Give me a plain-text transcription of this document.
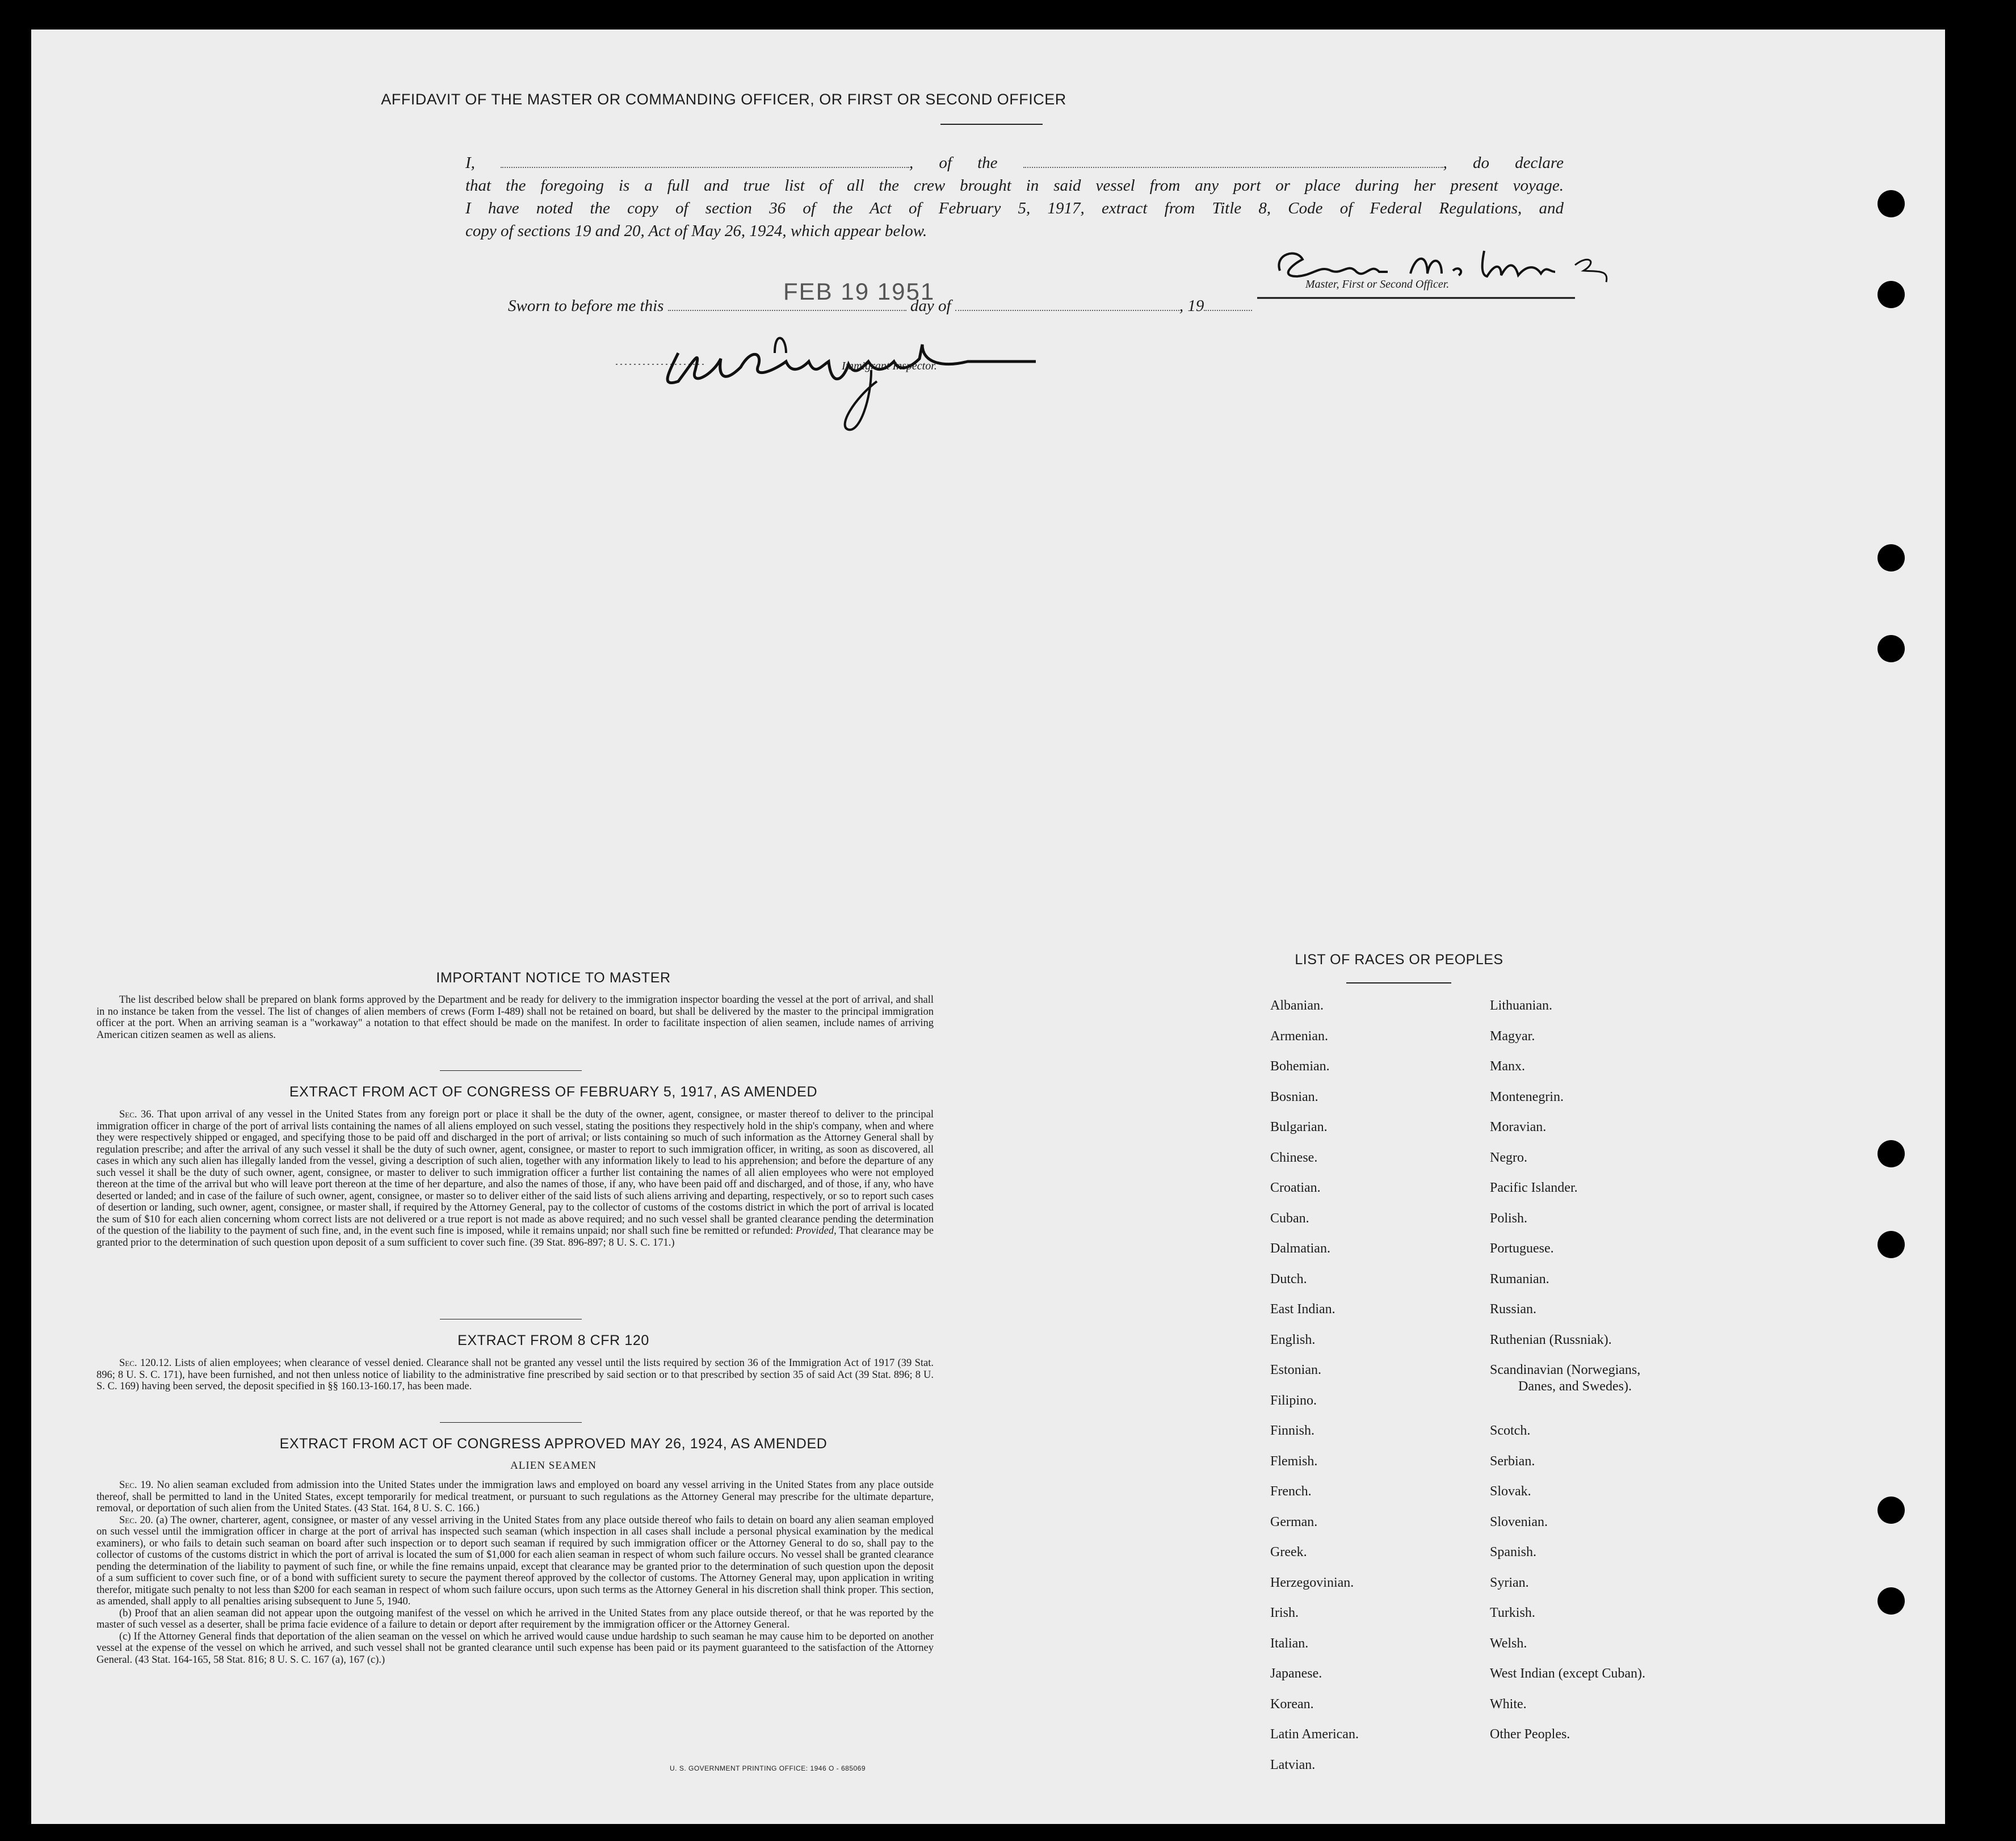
AFFIDAVIT OF THE MASTER OR COMMANDING OFFICER, OR FIRST OR SECOND OFFICER
I,	, of the	, do declare
that the foregoing is a full and true list of all the crew brought in said vessel from any port or place during her present voyage.
I have noted the copy of section 36 of the Act of February 5, 1917, extract from Title 8, Code of Federal Regulations, and
copy of sections 19 and 20, Act of May 26, 1924, which appear below.
Master, First or Second Officer.
FEB 19 1951
Sworn to before me this	day of	, 19
Immigrant Inspector.
IMPORTANT NOTICE TO MASTER

The list described below shall be prepared on blank forms approved by the Department and be ready for delivery to the immigration inspector boarding the vessel at the port of arrival, and shall in no instance be taken from the vessel. The list of changes of alien members of crews (Form I-489) shall not be retained on board, but shall be delivered by the master to the principal immigration officer at the port. When an arriving seaman is a "workaway" a notation to that effect should be made on the manifest. In order to facilitate inspection of alien seamen, include names of arriving American citizen seamen as well as aliens.

EXTRACT FROM ACT OF CONGRESS OF FEBRUARY 5, 1917, AS AMENDED

Sec. 36. That upon arrival of any vessel in the United States from any foreign port or place it shall be the duty of the owner, agent, consignee, or master thereof to deliver to the principal immigration officer in charge of the port of arrival lists containing the names of all aliens employed on such vessel, stating the positions they respectively hold in the ship's company, when and where they were respectively shipped or engaged, and specifying those to be paid off and discharged in the port of arrival; or lists containing so much of such information as the Attorney General shall by regulation prescribe; and after the arrival of any such vessel it shall be the duty of such owner, agent, consignee, or master to report to such immigration officer, in writing, as soon as discovered, all cases in which any such alien has illegally landed from the vessel, giving a description of such alien, together with any information likely to lead to his apprehension; and before the departure of any such vessel it shall be the duty of such owner, agent, consignee, or master to deliver to such immigration officer a further list containing the names of all alien employees who were not employed thereon at the time of the arrival but who will leave port thereon at the time of her departure, and also the names of those, if any, who have been paid off and discharged, and of those, if any, who have deserted or landed; and in case of the failure of such owner, agent, consignee, or master so to deliver either of the said lists of such aliens arriving and departing, respectively, or so to report such cases of desertion or landing, such owner, agent, consignee, or master shall, if required by the Attorney General, pay to the collector of customs of the costoms district in which the port of arrival is located the sum of $10 for each alien concerning whom correct lists are not delivered or a true report is not made as above required; and no such vessel shall be granted clearance pending the determination of the question of the liability to the payment of such fine, and, in the event such fine is imposed, while it remains unpaid; nor shall such fine be remitted or refunded: Provided, That clearance may be granted prior to the determination of such question upon deposit of a sum sufficient to cover such fine. (39 Stat. 896-897; 8 U. S. C. 171.)

EXTRACT FROM 8 CFR 120

Sec. 120.12. Lists of alien employees; when clearance of vessel denied. Clearance shall not be granted any vessel until the lists required by section 36 of the Immigration Act of 1917 (39 Stat. 896; 8 U. S. C. 171), have been furnished, and not then unless notice of liability to the administrative fine prescribed by said section or to that prescribed by section 35 of said Act (39 Stat. 896; 8 U. S. C. 169) having been served, the deposit specified in §§ 160.13-160.17, has been made.

EXTRACT FROM ACT OF CONGRESS APPROVED MAY 26, 1924, AS AMENDED
ALIEN SEAMEN

Sec. 19. No alien seaman excluded from admission into the United States under the immigration laws and employed on board any vessel arriving in the United States from any place outside thereof, shall be permitted to land in the United States, except temporarily for medical treatment, or pursuant to such regulations as the Attorney General may prescribe for the ultimate departure, removal, or deportation of such alien from the United States. (43 Stat. 164, 8 U. S. C. 166.)

Sec. 20. (a) The owner, charterer, agent, consignee, or master of any vessel arriving in the United States from any place outside thereof who fails to detain on board any alien seaman employed on such vessel until the immigration officer in charge at the port of arrival has inspected such seaman (which inspection in all cases shall include a personal physical examination by the medical examiners), or who fails to detain such seaman on board after such inspection or to deport such seaman if required by such immigration officer or the Attorney General to do so, shall pay to the collector of customs of the customs district in which the port of arrival is located the sum of $1,000 for each alien seaman in respect of whom such failure occurs. No vessel shall be granted clearance pending the determination of the liability to payment of such fine, or while the fine remains unpaid, except that clearance may be granted prior to the determination of such question upon the deposit of a sum sufficient to cover such fine, or of a bond with sufficient surety to secure the payment thereof approved by the collector of customs. The Attorney General may, upon application in writing therefor, mitigate such penalty to not less than $200 for each seaman in respect of whom such failure occurs, upon such terms as the Attorney General in his discretion shall think proper. This section, as amended, shall apply to all penalties arising subsequent to June 5, 1940.

(b) Proof that an alien seaman did not appear upon the outgoing manifest of the vessel on which he arrived in the United States from any place outside thereof, or that he was reported by the master of such vessel as a deserter, shall be prima facie evidence of a failure to detain or deport after requirement by the immigration officer or the Attorney General.

(c) If the Attorney General finds that deportation of the alien seaman on the vessel on which he arrived would cause undue hardship to such seaman he may cause him to be deported on another vessel at the expense of the vessel on which he arrived, and such vessel shall not be granted clearance until such expense has been paid or its payment guaranteed to the satisfaction of the Attorney General. (43 Stat. 164-165, 58 Stat. 816; 8 U. S. C. 167 (a), 167 (c).)

U. S. GOVERNMENT PRINTING OFFICE: 1946 O - 685069
LIST OF RACES OR PEOPLES
Albanian.
Armenian.
Bohemian.
Bosnian.
Bulgarian.
Chinese.
Croatian.
Cuban.
Dalmatian.
Dutch.
East Indian.
English.
Estonian.
Filipino.
Finnish.
Flemish.
French.
German.
Greek.
Herzegovinian.
Irish.
Italian.
Japanese.
Korean.
Latin American.
Latvian.
Lithuanian.
Magyar.
Manx.
Montenegrin.
Moravian.
Negro.
Pacific Islander.
Polish.
Portuguese.
Rumanian.
Russian.
Ruthenian (Russniak).
Scandinavian (Norwegians,
Danes, and Swedes).
Scotch.
Serbian.
Slovak.
Slovenian.
Spanish.
Syrian.
Turkish.
Welsh.
West Indian (except Cuban).
White.
Other Peoples.
